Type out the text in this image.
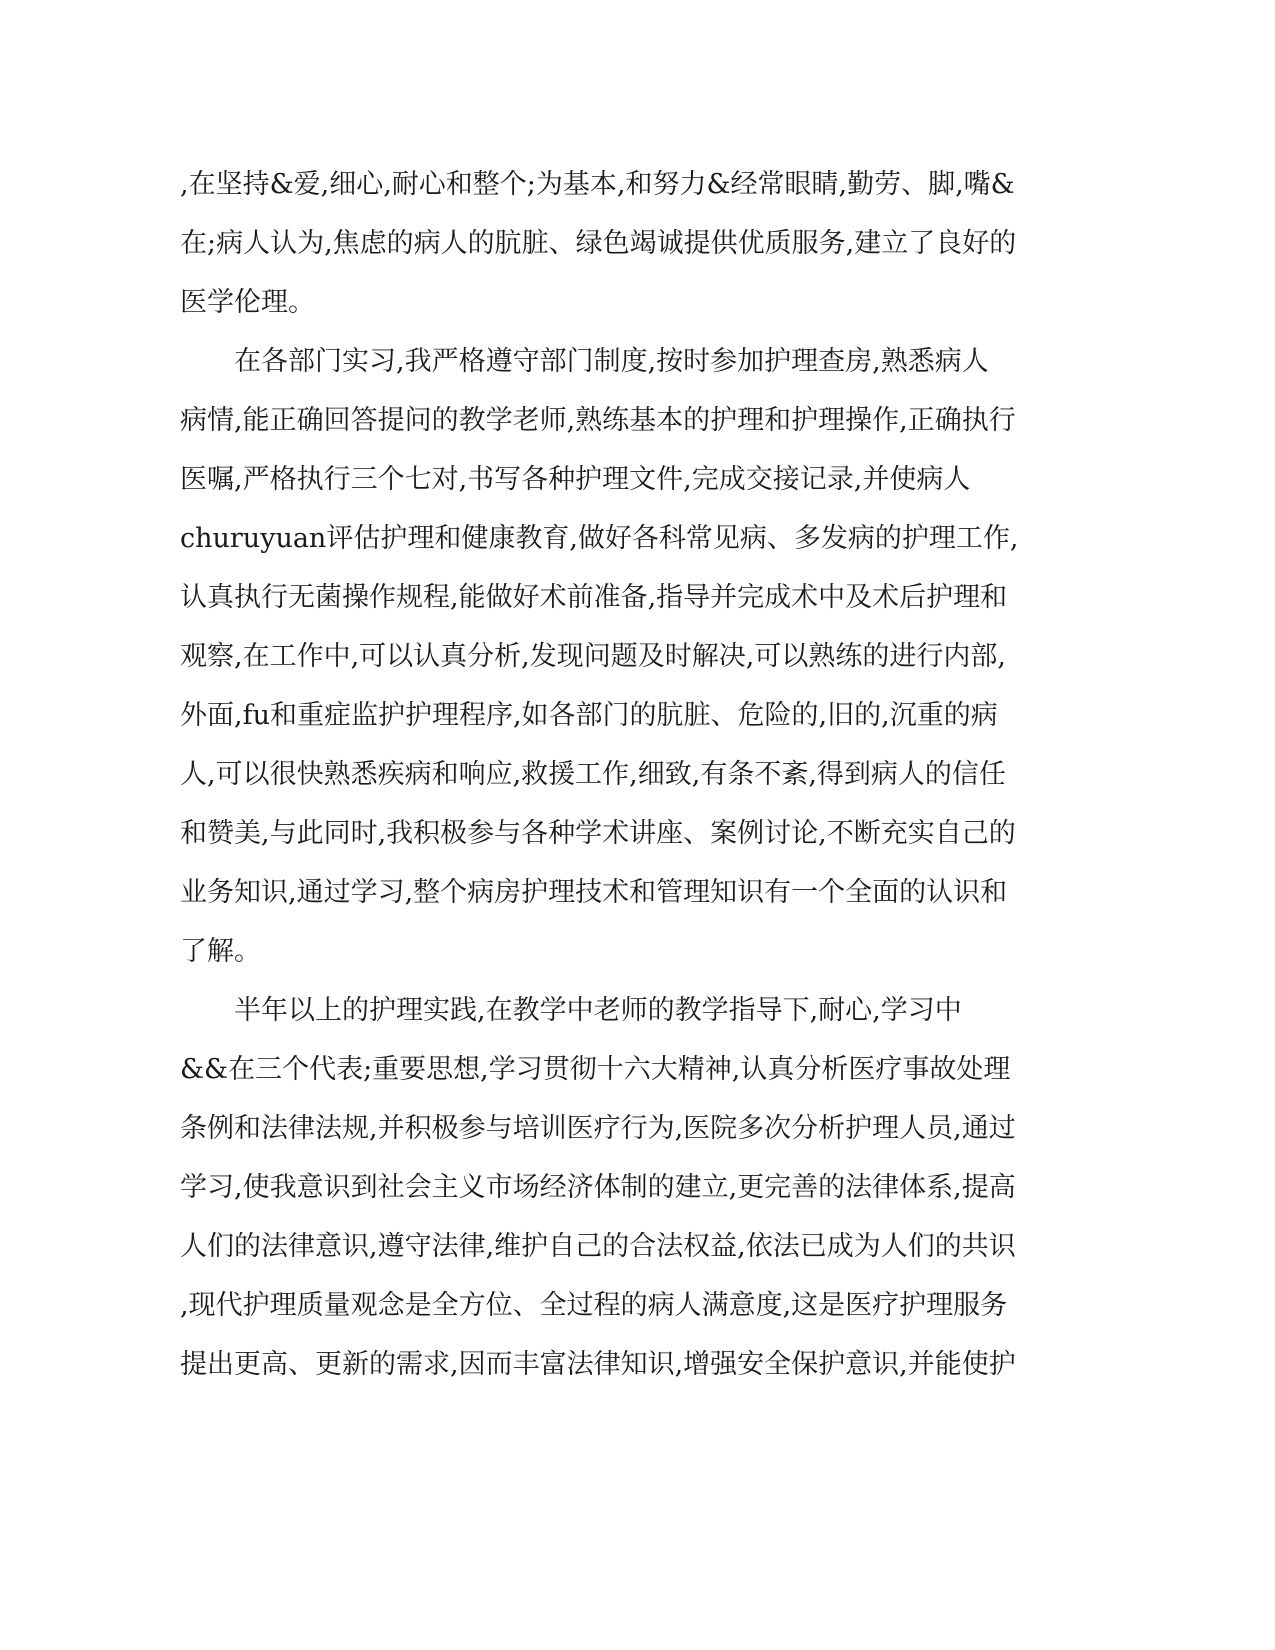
,在坚持&爱,细心,耐心和整个;为基本,和努力&经常眼睛,勤劳、脚,嘴&
在;病人认为,焦虑的病人的肮脏、绿色竭诚提供优质服务,建立了良好的
医学伦理。
　　在各部门实习,我严格遵守部门制度,按时参加护理查房,熟悉病人
病情,能正确回答提问的教学老师,熟练基本的护理和护理操作,正确执行
医嘱,严格执行三个七对,书写各种护理文件,完成交接记录,并使病人
churuyuan评估护理和健康教育,做好各科常见病、多发病的护理工作,
认真执行无菌操作规程,能做好术前准备,指导并完成术中及术后护理和
观察,在工作中,可以认真分析,发现问题及时解决,可以熟练的进行内部,
外面,fu和重症监护护理程序,如各部门的肮脏、危险的,旧的,沉重的病
人,可以很快熟悉疾病和响应,救援工作,细致,有条不紊,得到病人的信任
和赞美,与此同时,我积极参与各种学术讲座、案例讨论,不断充实自己的
业务知识,通过学习,整个病房护理技术和管理知识有一个全面的认识和
了解。
　　半年以上的护理实践,在教学中老师的教学指导下,耐心,学习中
&&在三个代表;重要思想,学习贯彻十六大精神,认真分析医疗事故处理
条例和法律法规,并积极参与培训医疗行为,医院多次分析护理人员,通过
学习,使我意识到社会主义市场经济体制的建立,更完善的法律体系,提高
人们的法律意识,遵守法律,维护自己的合法权益,依法已成为人们的共识
,现代护理质量观念是全方位、全过程的病人满意度,这是医疗护理服务
提出更高、更新的需求,因而丰富法律知识,增强安全保护意识,并能使护
